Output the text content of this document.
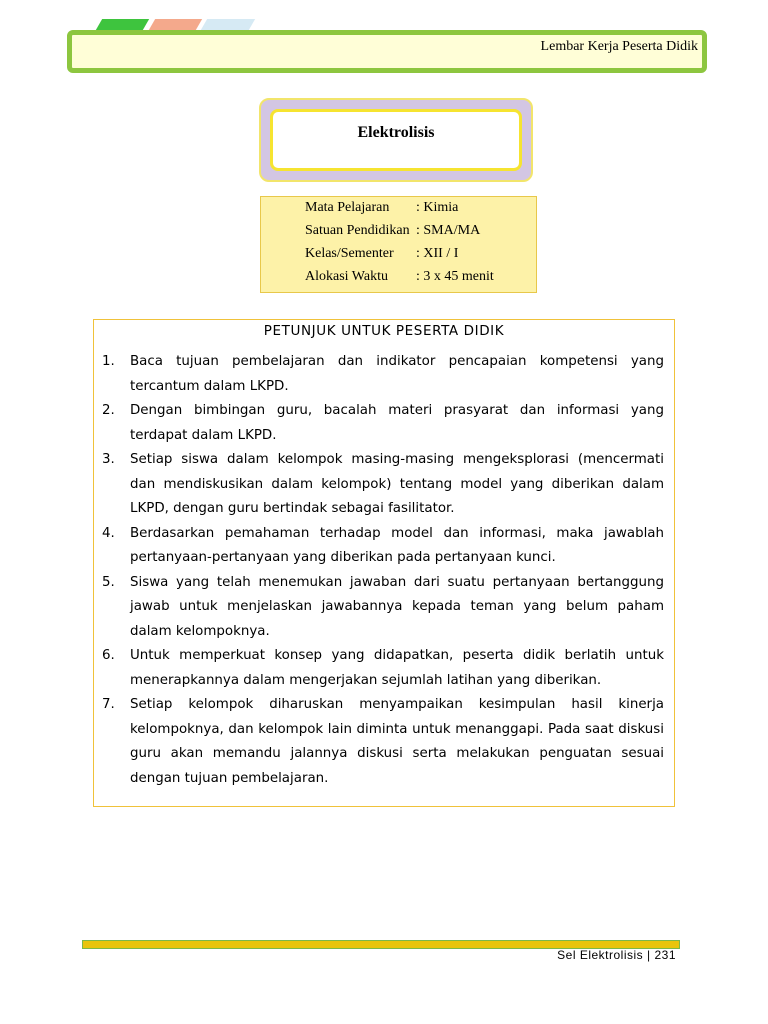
Lembar Kerja Peserta Didik
Elektrolisis
Mata Pelajaran : Kimia
Satuan Pendidikan : SMA/MA
Kelas/Sementer : XII / I
Alokasi Waktu : 3 x 45 menit
PETUNJUK UNTUK PESERTA DIDIK
1. Baca tujuan pembelajaran dan indikator pencapaian kompetensi yang tercantum dalam LKPD.
2. Dengan bimbingan guru, bacalah materi prasyarat dan informasi yang terdapat dalam LKPD.
3. Setiap siswa dalam kelompok masing-masing mengeksplorasi (mencermati dan mendiskusikan dalam kelompok) tentang model yang diberikan dalam LKPD, dengan guru bertindak sebagai fasilitator.
4. Berdasarkan pemahaman terhadap model dan informasi, maka jawablah pertanyaan-pertanyaan yang diberikan pada pertanyaan kunci.
5. Siswa yang telah menemukan jawaban dari suatu pertanyaan bertanggung jawab untuk menjelaskan jawabannya kepada teman yang belum paham dalam kelompoknya.
6. Untuk memperkuat konsep yang didapatkan, peserta didik berlatih untuk menerapkannya dalam mengerjakan sejumlah latihan yang diberikan.
7. Setiap kelompok diharuskan menyampaikan kesimpulan hasil kinerja kelompoknya, dan kelompok lain diminta untuk menanggapi. Pada saat diskusi guru akan memandu jalannya diskusi serta melakukan penguatan sesuai dengan tujuan pembelajaran.
Sel Elektrolisis | 231
